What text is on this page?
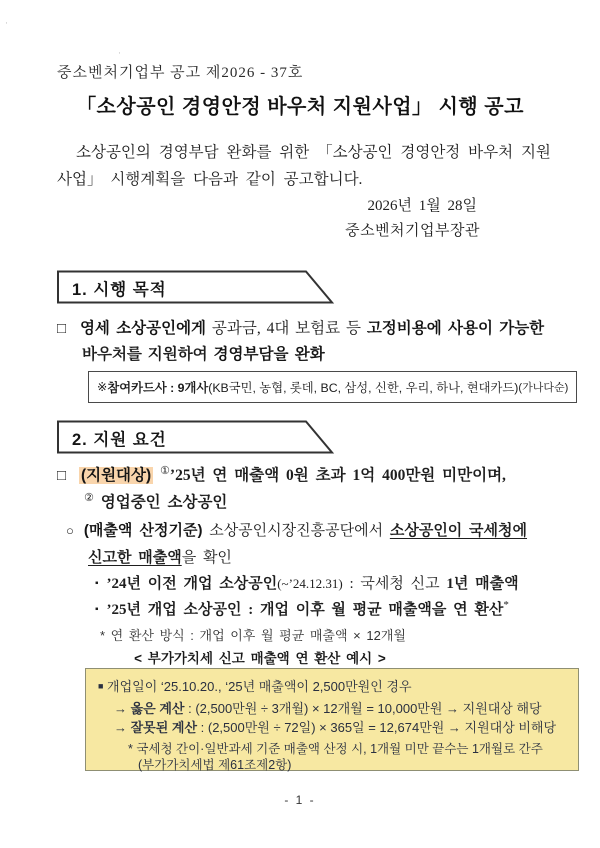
·
·
중소벤처기업부 공고 제2026 - 37호
「소상공인 경영안정 바우처 지원사업」 시행 공고
소상공인의 경영부담 완화를 위한 「소상공인 경영안정 바우처 지원
사업」 시행계획을 다음과 같이 공고합니다.
2026년 1월 28일
중소벤처기업부장관
1. 시행 목적
□ 영세 소상공인에게 공과금, 4대 보험료 등 고정비용에 사용이 가능한
바우처를 지원하여 경영부담을 완화
※ 참여카드사 : 9개사 (KB국민, 농협, 롯데, BC, 삼성, 신한, 우리, 하나, 현대카드) (가나다순)
2. 지원 요건
□ (지원대상) ①’25년 연 매출액 0원 초과 1억 400만원 미만이며,
② 영업중인 소상공인
○ (매출액 산정기준) 소상공인시장진흥공단에서 소상공인이 국세청에
신고한 매출액을 확인
▪ ’24년 이전 개업 소상공인(~’24.12.31) : 국세청 신고 1년 매출액
▪ ’25년 개업 소상공인 : 개업 이후 월 평균 매출액을 연 환산*
* 연 환산 방식 : 개업 이후 월 평균 매출액 × 12개월
< 부가가치세 신고 매출액 연 환산 예시 >
■ 개업일이 ‘25.10.20., ‘25년 매출액이 2,500만원인 경우
→ 옳은 계산 : (2,500만원 ÷ 3개월) × 12개월 = 10,000만원 → 지원대상 해당
→ 잘못된 계산 : (2,500만원 ÷ 72일) × 365일 = 12,674만원 → 지원대상 비해당
* 국세청 간이·일반과세 기준 매출액 산정 시, 1개월 미만 끝수는 1개월로 간주
(부가가치세법 제61조제2항)
- 1 -
